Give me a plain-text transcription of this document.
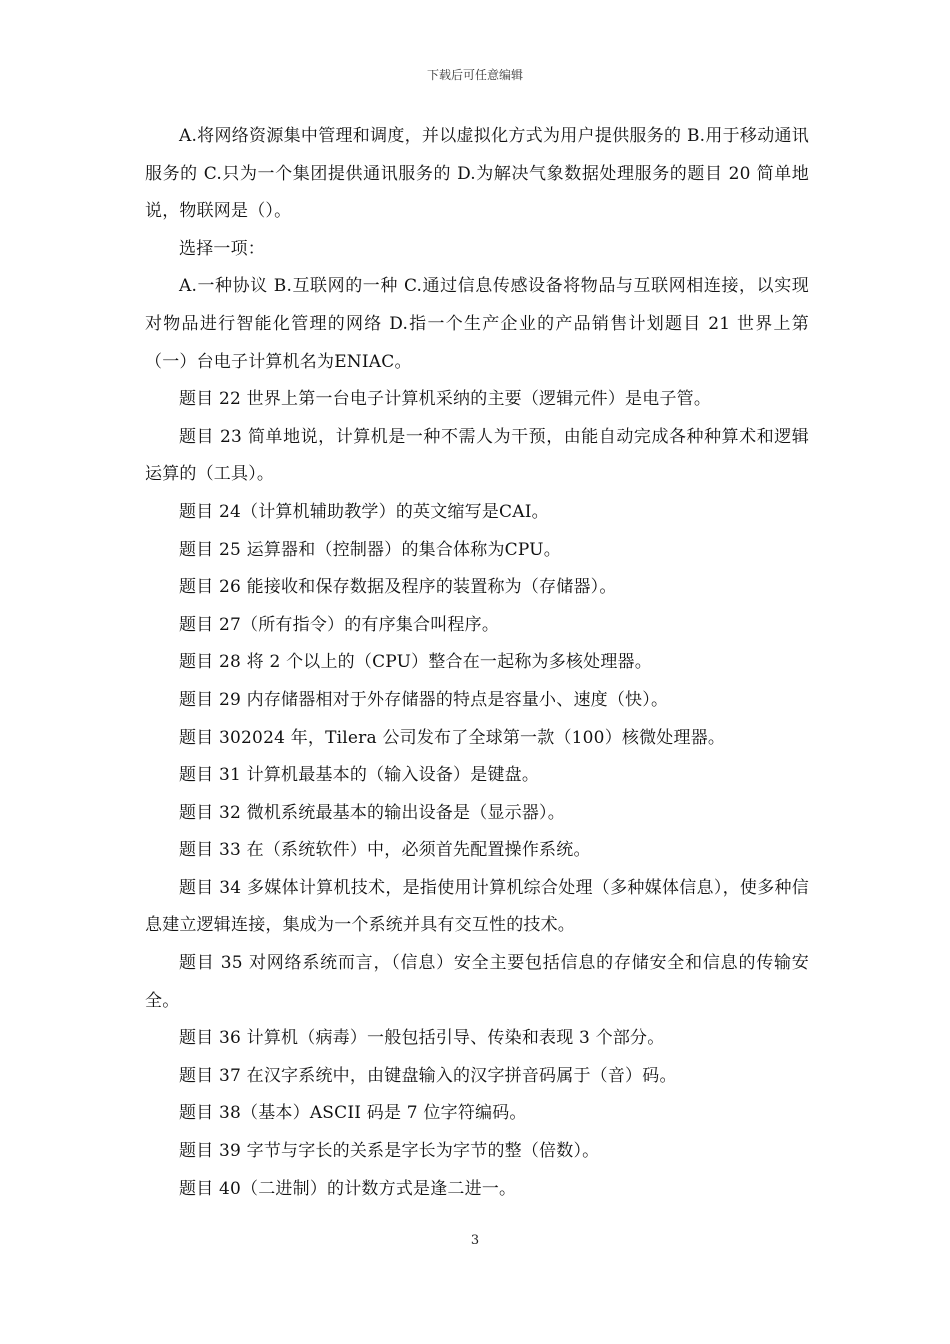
下载后可任意编辑

A.将网络资源集中管理和调度，并以虚拟化方式为用户提供服务的 B.用于移动通讯服务的 C.只为一个集团提供通讯服务的 D.为解决气象数据处理服务的题目 20 简单地说，物联网是（）。

选择一项：

A.一种协议 B.互联网的一种 C.通过信息传感设备将物品与互联网相连接，以实现对物品进行智能化管理的网络 D.指一个生产企业的产品销售计划题目 21 世界上第（一）台电子计算机名为ENIAC。

题目 22 世界上第一台电子计算机采纳的主要（逻辑元件）是电子管。

题目 23 简单地说，计算机是一种不需人为干预，由能自动完成各种种算术和逻辑运算的（工具）。

题目 24（计算机辅助教学）的英文缩写是CAI。

题目 25 运算器和（控制器）的集合体称为CPU。

题目 26 能接收和保存数据及程序的装置称为（存储器）。

题目 27（所有指令）的有序集合叫程序。

题目 28 将 2 个以上的（CPU）整合在一起称为多核处理器。

题目 29 内存储器相对于外存储器的特点是容量小、速度（快）。

题目 302024 年，Tilera 公司发布了全球第一款（100）核微处理器。

题目 31 计算机最基本的（输入设备）是键盘。

题目 32 微机系统最基本的输出设备是（显示器）。

题目 33 在（系统软件）中，必须首先配置操作系统。

题目 34 多媒体计算机技术，是指使用计算机综合处理（多种媒体信息），使多种信息建立逻辑连接，集成为一个系统并具有交互性的技术。

题目 35 对网络系统而言，（信息）安全主要包括信息的存储安全和信息的传输安全。

题目 36 计算机（病毒）一般包括引导、传染和表现 3 个部分。

题目 37 在汉字系统中，由键盘输入的汉字拼音码属于（音）码。

题目 38（基本）ASCII 码是 7 位字符编码。

题目 39 字节与字长的关系是字长为字节的整（倍数）。

题目 40（二进制）的计数方式是逢二进一。

3
